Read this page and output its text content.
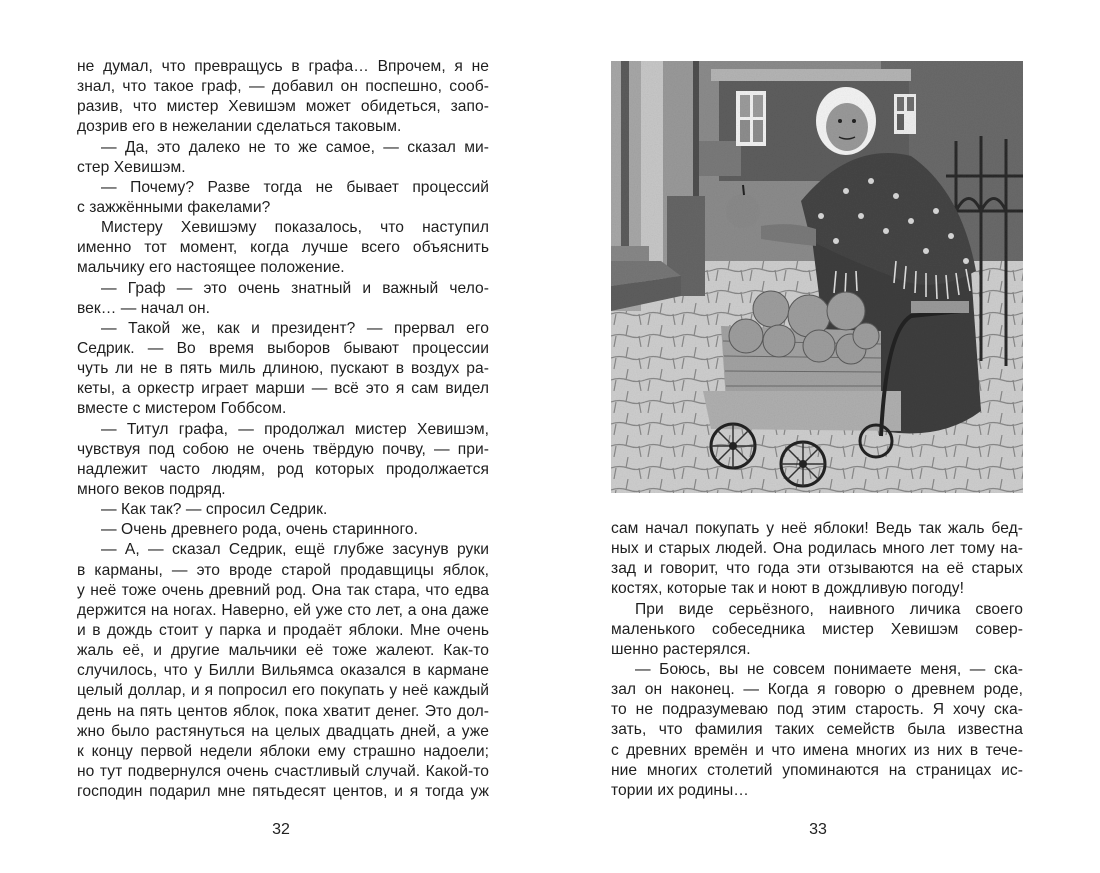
не думал, что превращусь в графа… Впрочем, я не
знал, что такое граф, — добавил он поспешно, сооб-
разив, что мистер Хевишэм может обидеться, запо-
дозрив его в нежелании сделаться таковым.
— Да, это далеко не то же самое, — сказал ми-
стер Хевишэм.
— Почему? Разве тогда не бывает процессий
с зажжёнными факелами?
Мистеру Хевишэму показалось, что наступил
именно тот момент, когда лучше всего объяснить
мальчику его настоящее положение.
— Граф — это очень знатный и важный чело-
век… — начал он.
— Такой же, как и президент? — прервал его
Седрик. — Во время выборов бывают процессии
чуть ли не в пять миль длиною, пускают в воздух ра-
кеты, а оркестр играет марши — всё это я сам видел
вместе с мистером Гоббсом.
— Титул графа, — продолжал мистер Хевишэм,
чувствуя под собою не очень твёрдую почву, — при-
надлежит часто людям, род которых продолжается
много веков подряд.
— Как так? — спросил Седрик.
— Очень древнего рода, очень старинного.
— А, — сказал Седрик, ещё глубже засунув руки
в карманы, — это вроде старой продавщицы яблок,
у неё тоже очень древний род. Она так стара, что едва
держится на ногах. Наверно, ей уже сто лет, а она даже
и в дождь стоит у парка и продаёт яблоки. Мне очень
жаль её, и другие мальчики её тоже жалеют. Как-то
случилось, что у Билли Вильямса оказался в кармане
целый доллар, и я попросил его покупать у неё каждый
день на пять центов яблок, пока хватит денег. Это дол-
жно было растянуться на целых двадцать дней, а уже
к концу первой недели яблоки ему страшно надоели;
но тут подвернулся очень счастливый случай. Какой-то
господин подарил мне пятьдесят центов, и я тогда уж
32
сам начал покупать у неё яблоки! Ведь так жаль бед-
ных и старых людей. Она родилась много лет тому на-
зад и говорит, что года эти отзываются на её старых
костях, которые так и ноют в дождливую погоду!
При виде серьёзного, наивного личика своего
маленького собеседника мистер Хевишэм совер-
шенно растерялся.
— Боюсь, вы не совсем понимаете меня, — ска-
зал он наконец. — Когда я говорю о древнем роде,
то не подразумеваю под этим старость. Я хочу ска-
зать, что фамилия таких семейств была известна
с древних времён и что имена многих из них в тече-
ние многих столетий упоминаются на страницах ис-
тории их родины…
33
